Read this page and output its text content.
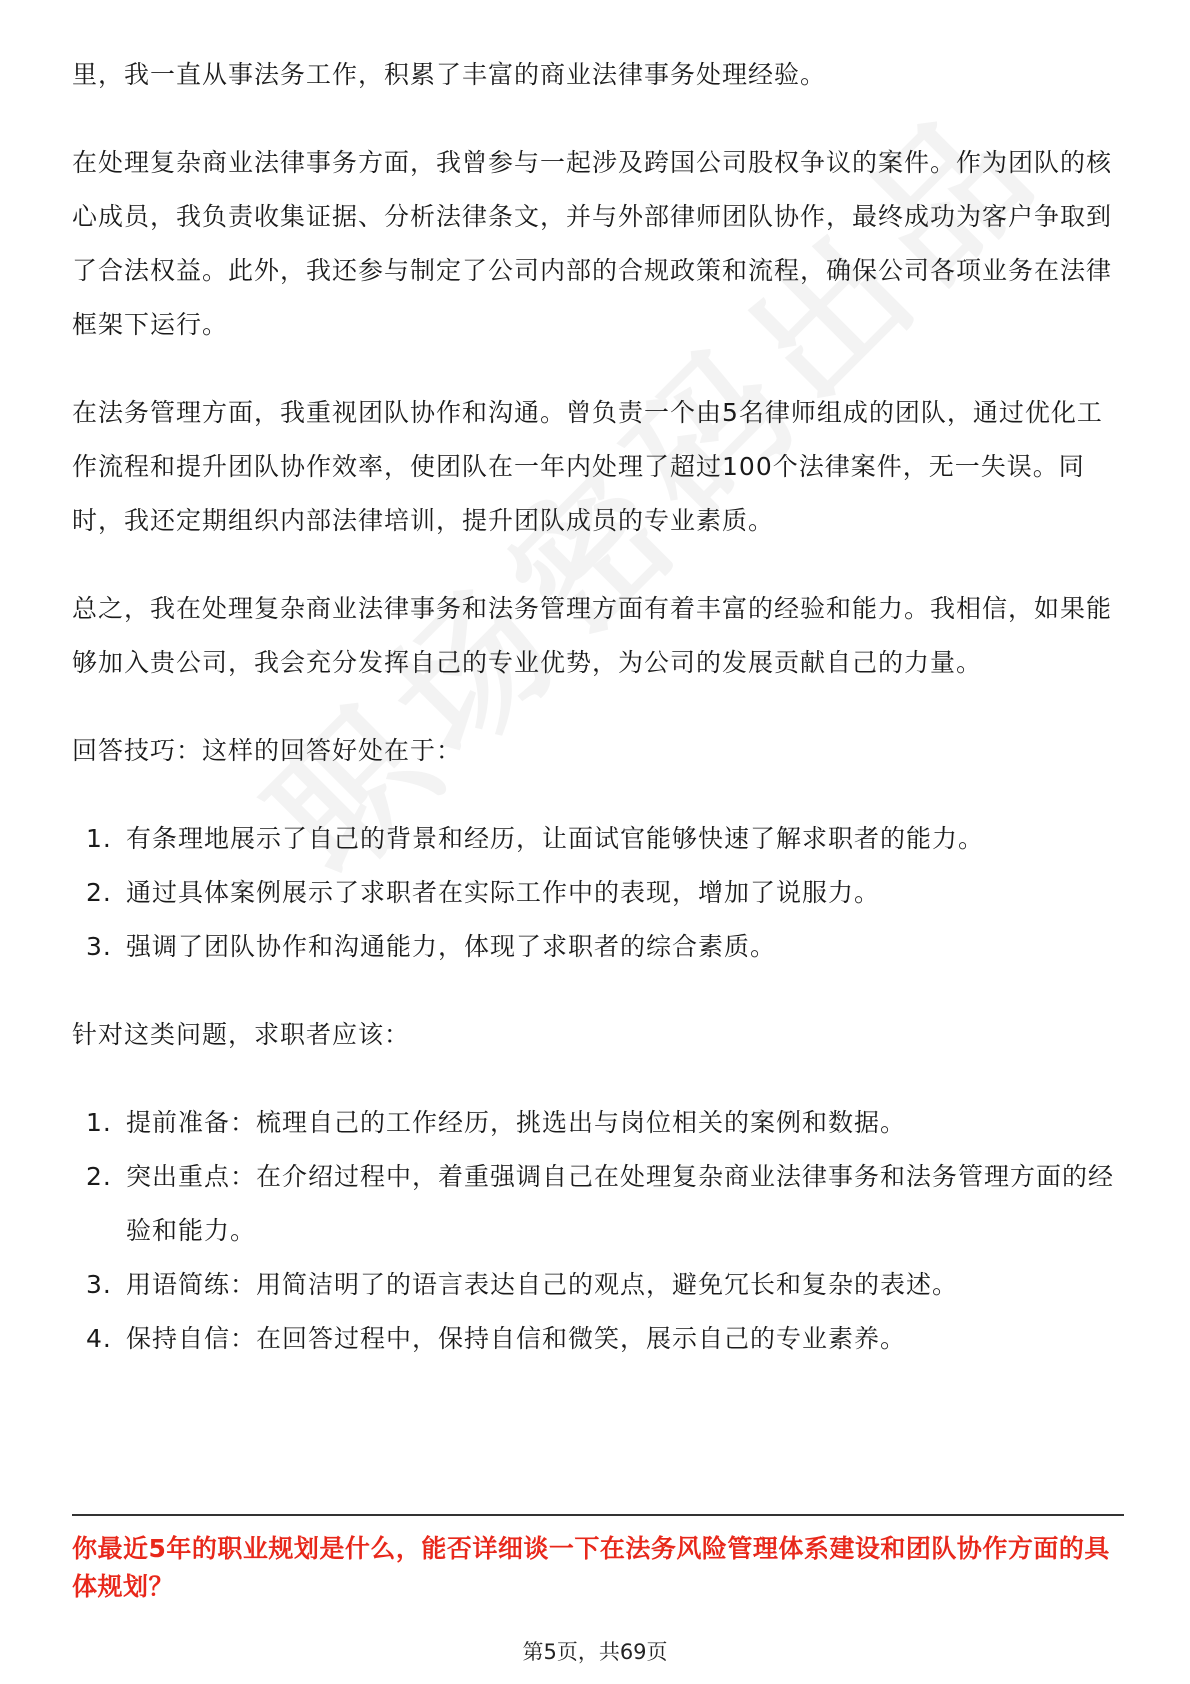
里，我一直从事法务工作，积累了丰富的商业法律事务处理经验。

在处理复杂商业法律事务方面，我曾参与一起涉及跨国公司股权争议的案件。作为团队的核心成员，我负责收集证据、分析法律条文，并与外部律师团队协作，最终成功为客户争取到了合法权益。此外，我还参与制定了公司内部的合规政策和流程，确保公司各项业务在法律框架下运行。

在法务管理方面，我重视团队协作和沟通。曾负责一个由5名律师组成的团队，通过优化工作流程和提升团队协作效率，使团队在一年内处理了超过100个法律案件，无一失误。同时，我还定期组织内部法律培训，提升团队成员的专业素质。

总之，我在处理复杂商业法律事务和法务管理方面有着丰富的经验和能力。我相信，如果能够加入贵公司，我会充分发挥自己的专业优势，为公司的发展贡献自己的力量。

回答技巧：这样的回答好处在于：

1. 有条理地展示了自己的背景和经历，让面试官能够快速了解求职者的能力。
2. 通过具体案例展示了求职者在实际工作中的表现，增加了说服力。
3. 强调了团队协作和沟通能力，体现了求职者的综合素质。

针对这类问题，求职者应该：

1. 提前准备：梳理自己的工作经历，挑选出与岗位相关的案例和数据。
2. 突出重点：在介绍过程中，着重强调自己在处理复杂商业法律事务和法务管理方面的经验和能力。
3. 用语简练：用简洁明了的语言表达自己的观点，避免冗长和复杂的表述。
4. 保持自信：在回答过程中，保持自信和微笑，展示自己的专业素养。
你最近5年的职业规划是什么，能否详细谈一下在法务风险管理体系建设和团队协作方面的具体规划？
第5页，共69页
